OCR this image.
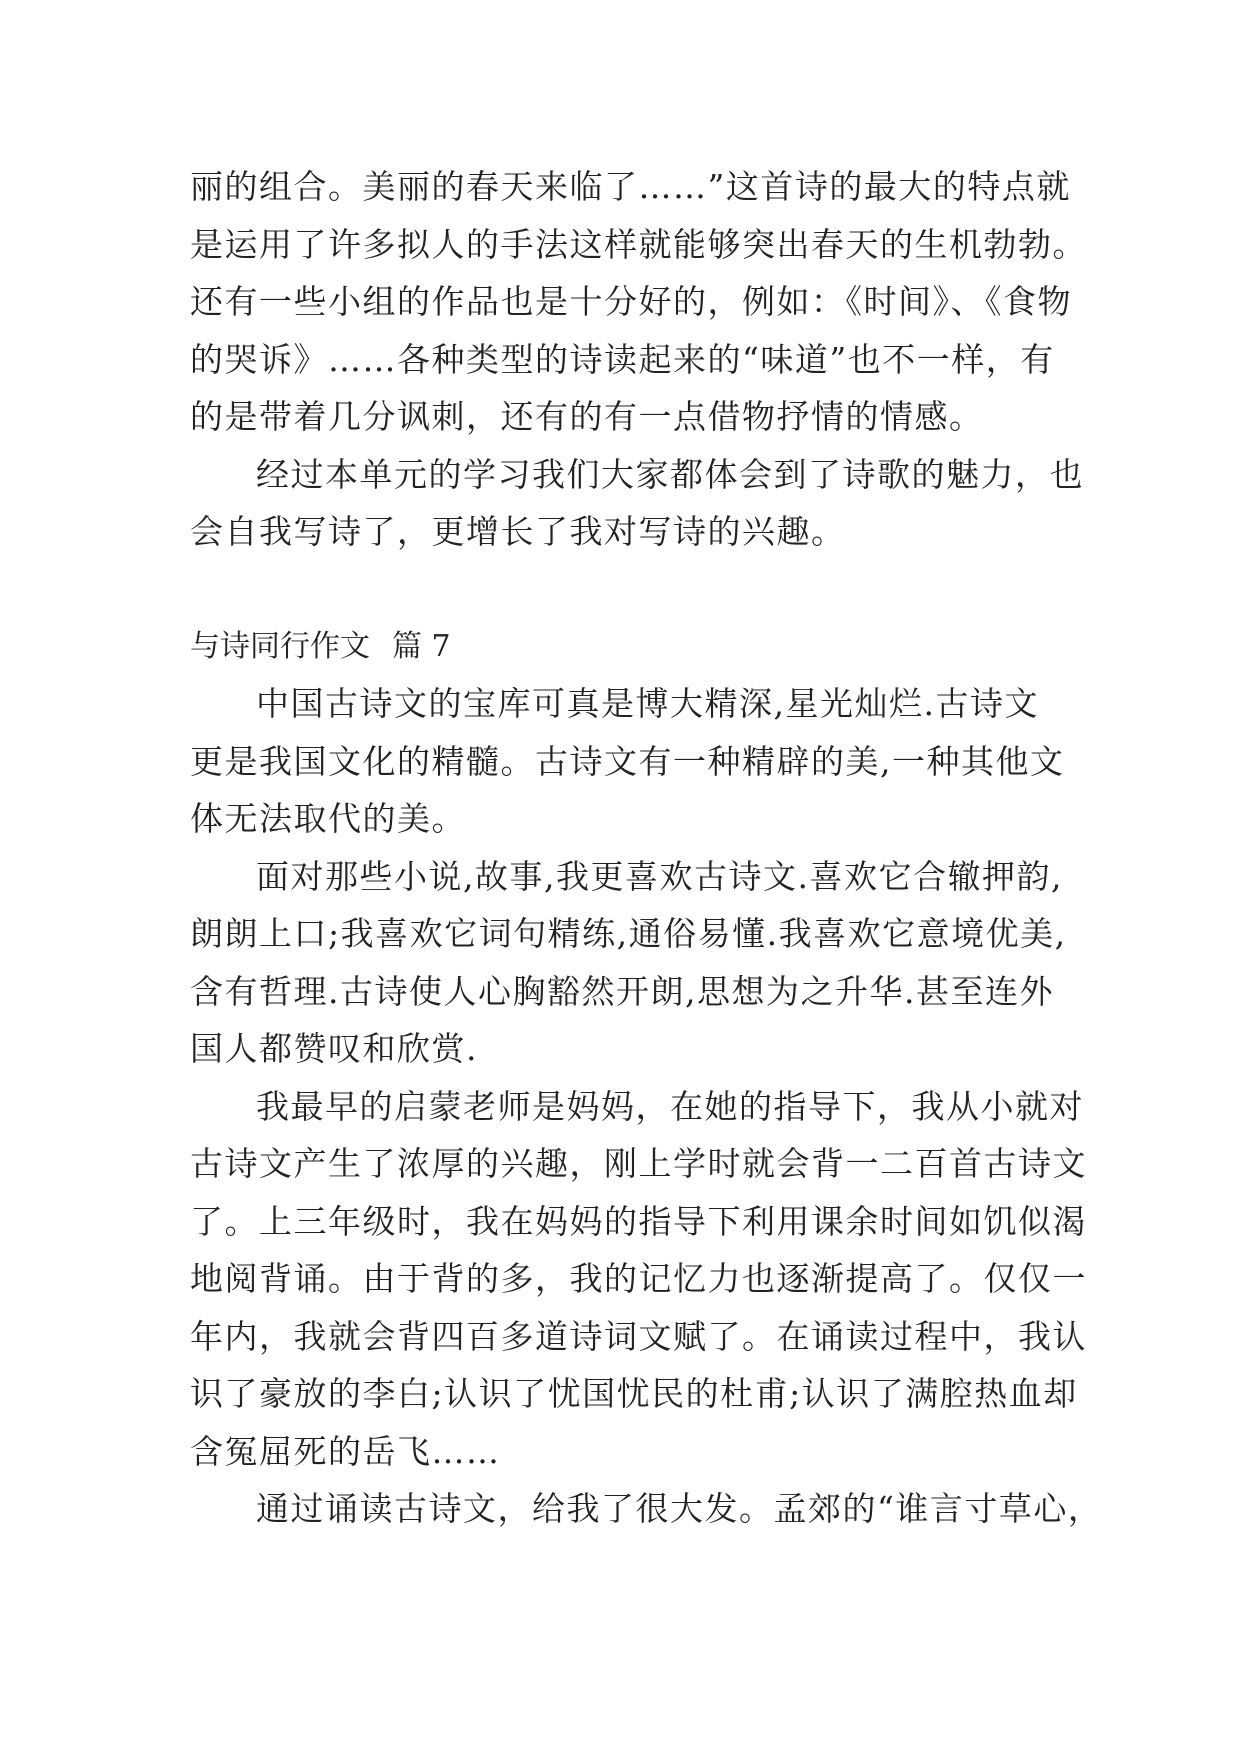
丽的组合。美丽的春天来临了……”这首诗的最大的特点就
是运用了许多拟人的手法这样就能够突出春天的生机勃勃。
还有一些小组的作品也是十分好的，例如：《时间》、《食物
的哭诉》……各种类型的诗读起来的“味道”也不一样，有
的是带着几分讽刺，还有的有一点借物抒情的情感。
经过本单元的学习我们大家都体会到了诗歌的魅力，也
会自我写诗了，更增长了我对写诗的兴趣。
与诗同行作文 篇 7
中国古诗文的宝库可真是博大精深,星光灿烂.古诗文
更是我国文化的精髓。古诗文有一种精辟的美,一种其他文
体无法取代的美。
面对那些小说,故事,我更喜欢古诗文.喜欢它合辙押韵,
朗朗上口;我喜欢它词句精练,通俗易懂.我喜欢它意境优美,
含有哲理.古诗使人心胸豁然开朗,思想为之升华.甚至连外
国人都赞叹和欣赏.
我最早的启蒙老师是妈妈，在她的指导下，我从小就对
古诗文产生了浓厚的兴趣，刚上学时就会背一二百首古诗文
了。上三年级时，我在妈妈的指导下利用课余时间如饥似渴
地阅背诵。由于背的多，我的记忆力也逐渐提高了。仅仅一
年内，我就会背四百多道诗词文赋了。在诵读过程中，我认
识了豪放的李白;认识了忧国忧民的杜甫;认识了满腔热血却
含冤屈死的岳飞……
通过诵读古诗文，给我了很大发。孟郊的“谁言寸草心，
